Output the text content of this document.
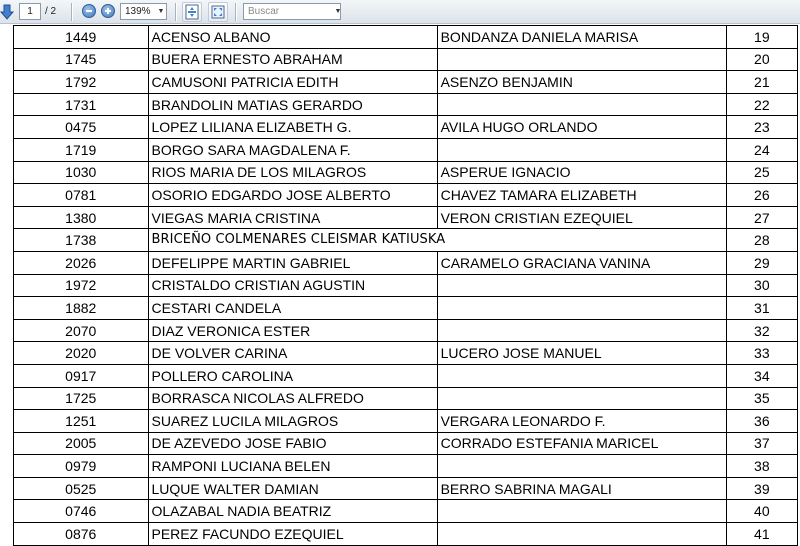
1	/ 2	139% ▼	Buscar	▼
1449	ACENSO ALBANO	BONDANZA DANIELA MARISA	19
1745	BUERA ERNESTO ABRAHAM		20
1792	CAMUSONI PATRICIA EDITH	ASENZO BENJAMIN	21
1731	BRANDOLIN MATIAS GERARDO		22
0475	LOPEZ LILIANA ELIZABETH G.	AVILA HUGO ORLANDO	23
1719	BORGO SARA MAGDALENA F.		24
1030	RIOS MARIA DE LOS MILAGROS	ASPERUE IGNACIO	25
0781	OSORIO EDGARDO JOSE ALBERTO	CHAVEZ TAMARA ELIZABETH	26
1380	VIEGAS MARIA CRISTINA	VERON CRISTIAN EZEQUIEL	27
1738	BRICEÑO COLMENARES CLEISMAR KATIUSKA		28
2026	DEFELIPPE MARTIN GABRIEL	CARAMELO GRACIANA VANINA	29
1972	CRISTALDO CRISTIAN AGUSTIN		30
1882	CESTARI CANDELA		31
2070	DIAZ VERONICA ESTER		32
2020	DE VOLVER CARINA	LUCERO JOSE MANUEL	33
0917	POLLERO CAROLINA		34
1725	BORRASCA NICOLAS ALFREDO		35
1251	SUAREZ LUCILA MILAGROS	VERGARA LEONARDO F.	36
2005	DE AZEVEDO JOSE FABIO	CORRADO ESTEFANIA MARICEL	37
0979	RAMPONI LUCIANA BELEN		38
0525	LUQUE WALTER DAMIAN	BERRO SABRINA MAGALI	39
0746	OLAZABAL NADIA BEATRIZ		40
0876	PEREZ FACUNDO EZEQUIEL		41
